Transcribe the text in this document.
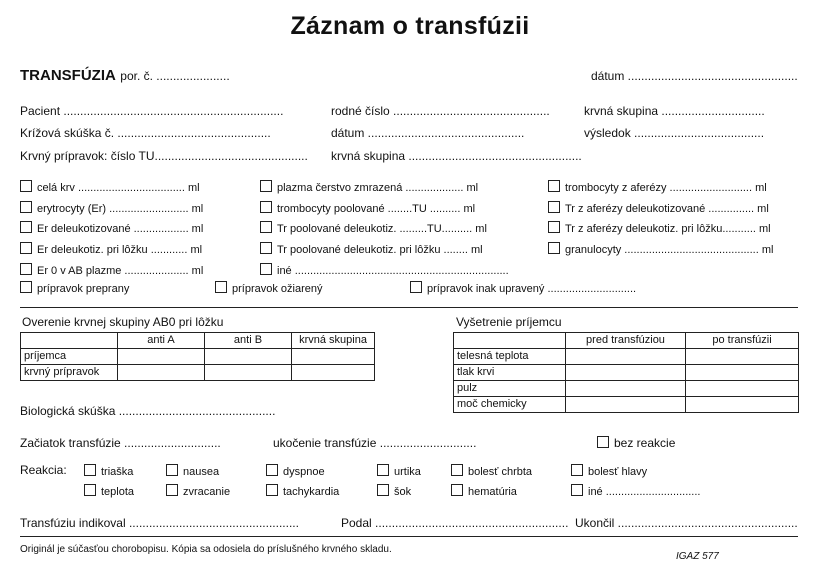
Záznam o transfúzii
TRANSFÚZIA por. č. ......................	dátum ...................................................
Pacient ..................................................................	rodné číslo ...............................................	krvná skupina ...............................
Krížová skúška č. ..............................................	dátum ...............................................	výsledok .......................................
Krvný prípravok: číslo TU.............................................. krvná skupina ....................................................
celá krv ................................... ml
erytrocyty (Er) .......................... ml
Er deleukotizované .................. ml
Er deleukotiz. pri lôžku ............ ml
Er 0 v AB plazme ..................... ml
plazma čerstvo zmrazená ................... ml
trombocyty poolované ........TU .......... ml
Tr poolované deleukotiz. .........TU.......... ml
Tr poolované deleukotiz. pri lôžku ........ ml
iné ......................................................................
trombocyty z aferézy ........................... ml
Tr z aferézy deleukotizované ............... ml
Tr z aferézy deleukotiz. pri lôžku........... ml
granulocyty ............................................ ml
prípravok preprany	prípravok ožiarený	prípravok inak upravený .............................
Overenie krvnej skupiny AB0 pri lôžku
	anti A	anti B	krvná skupina
príjemca			
krvný prípravok			
Vyšetrenie príjemcu
	pred transfúziou	po transfúzii
telesná teplota		
tlak krvi		
pulz		
moč chemicky		
Biologická skúška ...............................................
Začiatok transfúzie .............................	ukočenie transfúzie .............................	bez reakcie
Reakcia:	triaška
teplota
nausea
zvracanie
dyspnoe
tachykardia
urtika
šok
bolesť chrbta
hematúria
bolesť hlavy
iné ...............................
Transfúziu indikoval ...................................................	Podal .......................................................... Ukončil ......................................................
Originál je súčasťou chorobopisu. Kópia sa odosiela do príslušného krvného skladu.
IGAZ 577
